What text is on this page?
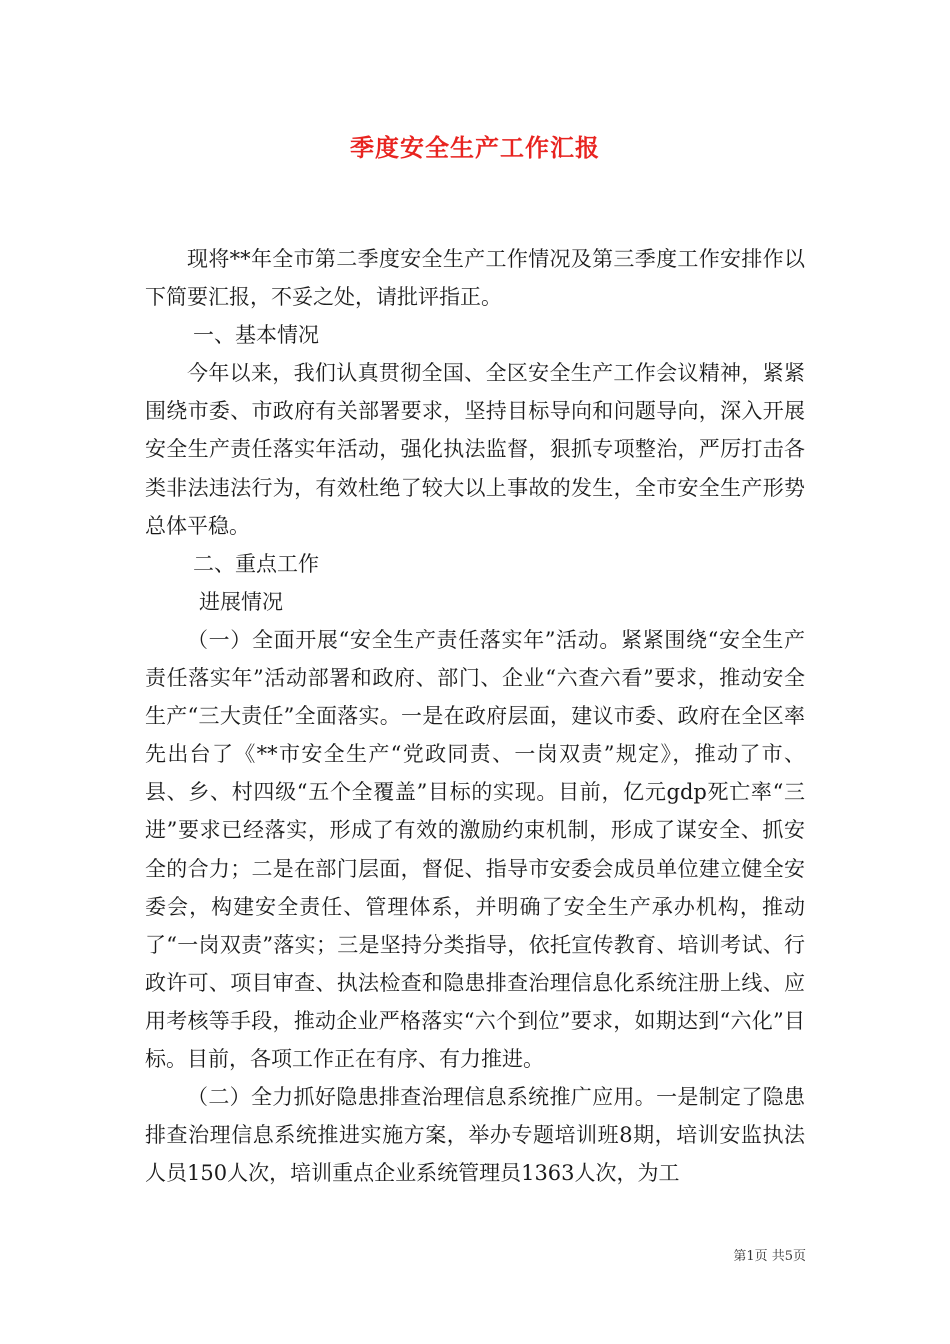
季度安全生产工作汇报

现将**年全市第二季度安全生产工作情况及第三季度工作安排作以下简要汇报，不妥之处，请批评指正。

一、基本情况

今年以来，我们认真贯彻全国、全区安全生产工作会议精神，紧紧围绕市委、市政府有关部署要求，坚持目标导向和问题导向，深入开展安全生产责任落实年活动，强化执法监督，狠抓专项整治，严厉打击各类非法违法行为，有效杜绝了较大以上事故的发生，全市安全生产形势总体平稳。

二、重点工作

进展情况

（一）全面开展“安全生产责任落实年”活动。紧紧围绕“安全生产责任落实年”活动部署和政府、部门、企业“六查六看”要求，推动安全生产“三大责任”全面落实。一是在政府层面，建议市委、政府在全区率先出台了《**市安全生产“党政同责、一岗双责”规定》，推动了市、县、乡、村四级“五个全覆盖”目标的实现。目前，亿元gdp死亡率“三进”要求已经落实，形成了有效的激励约束机制，形成了谋安全、抓安全的合力；二是在部门层面，督促、指导市安委会成员单位建立健全安委会，构建安全责任、管理体系，并明确了安全生产承办机构，推动了“一岗双责”落实；三是坚持分类指导，依托宣传教育、培训考试、行政许可、项目审查、执法检查和隐患排查治理信息化系统注册上线、应用考核等手段，推动企业严格落实“六个到位”要求，如期达到“六化”目标。目前，各项工作正在有序、有力推进。

（二）全力抓好隐患排查治理信息系统推广应用。一是制定了隐患排查治理信息系统推进实施方案，举办专题培训班8期，培训安监执法人员150人次，培训重点企业系统管理员1363人次，为工

第1页 共5页
